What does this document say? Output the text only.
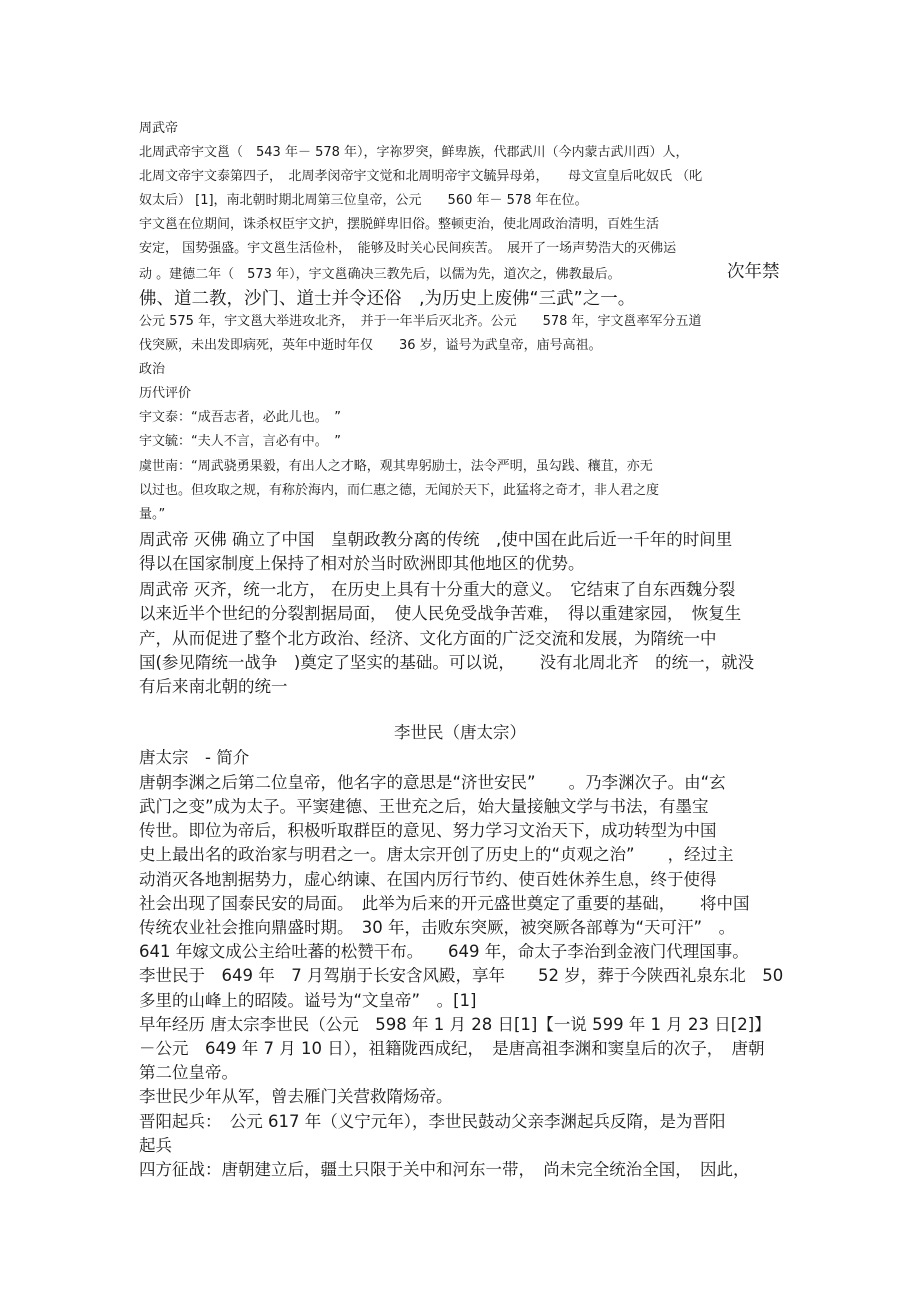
周武帝
北周武帝宇文邕（　543 年－ 578 年），字祢罗突，鲜卑族，代郡武川（今内蒙古武川西）人，
北周文帝宇文泰第四子，　北周孝闵帝宇文觉和北周明帝宇文毓异母弟，　　母文宣皇后叱奴氏 （叱
奴太后） [1]，南北朝时期北周第三位皇帝，公元　　560 年－ 578 年在位。
宇文邕在位期间，诛杀权臣宇文护，摆脱鲜卑旧俗。整顿吏治，使北周政治清明，百姓生活
安定， 国势强盛。宇文邕生活俭朴，　能够及时关心民间疾苦。　展开了一场声势浩大的灭佛运
动 。建德二年（　573 年），宇文邕确决三教先后，以儒为先，道次之，佛教最后。	次年禁
佛、道二教，沙门、道士并令还俗　,为历史上废佛“三武”之一。
公元 575 年，宇文邕大举进攻北齐，　并于一年半后灭北齐。公元　　578 年，宇文邕率军分五道
伐突厥，未出发即病死，英年中逝时年仅　　36 岁，谥号为武皇帝，庙号高祖。
政治
历代评价
宇文泰：“成吾志者，必此儿也。　”
宇文毓：“夫人不言，言必有中。　”
虞世南：“周武骁勇果毅，有出人之才略，观其卑躬励士，法令严明，虽勾践、穰苴，亦无
以过也。但攻取之规，有称於海内，而仁惠之德，无闻於天下，此猛将之奇才，非人君之度
量。”
周武帝 灭佛 确立了中国　皇朝政教分离的传统　,使中国在此后近一千年的时间里
得以在国家制度上保持了相对於当时欧洲即其他地区的优势。
周武帝 灭齐，统一北方， 在历史上具有十分重大的意义。　它结束了自东西魏分裂
以来近半个世纪的分裂割据局面，　使人民免受战争苦难，　得以重建家园，　恢复生
产，从而促进了整个北方政治、经济、文化方面的广泛交流和发展，为隋统一中
国(参见隋统一战争　)奠定了坚实的基础。可以说，　　没有北周北齐　的统一，就没
有后来南北朝的统一
李世民（唐太宗）
唐太宗　- 简介
唐朝李渊之后第二位皇帝，他名字的意思是“济世安民”　　。乃李渊次子。由“玄
武门之变”成为太子。平窦建德、王世充之后，始大量接触文学与书法，有墨宝
传世。即位为帝后，积极听取群臣的意见、努力学习文治天下，成功转型为中国
史上最出名的政治家与明君之一。唐太宗开创了历史上的“贞观之治”　　，经过主
动消灭各地割据势力，虚心纳谏、在国内厉行节约、使百姓休养生息，终于使得
社会出现了国泰民安的局面。　此举为后来的开元盛世奠定了重要的基础，　　将中国
传统农业社会推向鼎盛时期。　30 年，击败东突厥，被突厥各部尊为“天可汗”　。
641 年嫁文成公主给吐蕃的松赞干布。　　649 年，命太子李治到金液门代理国事。
李世民于　649 年　7 月驾崩于长安含风殿，享年　　52 岁，葬于今陕西礼泉东北　50
多里的山峰上的昭陵。谥号为“文皇帝”　。[1]
早年经历 唐太宗李世民（公元　598 年 1 月 28 日[1]【一说 599 年 1 月 23 日[2]】
－公元　649 年 7 月 10 日），祖籍陇西成纪，　是唐高祖李渊和窦皇后的次子，　唐朝
第二位皇帝。
李世民少年从军，曾去雁门关营救隋炀帝。
晋阳起兵：　公元 617 年（义宁元年），李世民鼓动父亲李渊起兵反隋，是为晋阳
起兵
四方征战：唐朝建立后，疆土只限于关中和河东一带，　尚未完全统治全国，　因此，
